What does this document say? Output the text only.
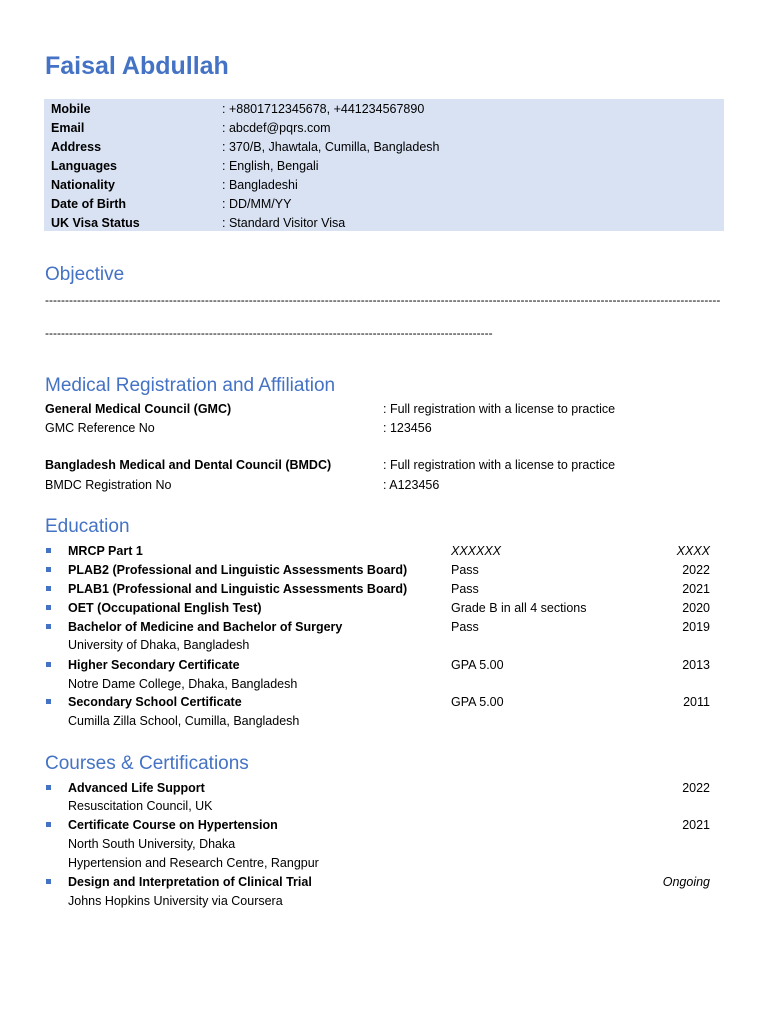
Faisal Abdullah
Mobile	: +8801712345678, +441234567890
Email	: abcdef@pqrs.com
Address	: 370/B, Jhawtala, Cumilla, Bangladesh
Languages	: English, Bengali
Nationality	: Bangladeshi
Date of Birth	: DD/MM/YY
UK Visa Status	: Standard Visitor Visa
Objective
-------------------------------------------------------------------------------------------------------------------------------------------------------------------------
----------------------------------------------------------------------------------------------------------------
Medical Registration and Affiliation
General Medical Council (GMC)	: Full registration with a license to practice
GMC Reference No	: 123456
Bangladesh Medical and Dental Council (BMDC)	: Full registration with a license to practice
BMDC Registration No	: A123456
Education
MRCP Part 1	XXXXXX	XXXX
PLAB2 (Professional and Linguistic Assessments Board)	Pass	2022
PLAB1 (Professional and Linguistic Assessments Board)	Pass	2021
OET (Occupational English Test)	Grade B in all 4 sections	2020
Bachelor of Medicine and Bachelor of Surgery	Pass	2019
University of Dhaka, Bangladesh
Higher Secondary Certificate	GPA 5.00	2013
Notre Dame College, Dhaka, Bangladesh
Secondary School Certificate	GPA 5.00	2011
Cumilla Zilla School, Cumilla, Bangladesh
Courses & Certifications
Advanced Life Support	2022
Resuscitation Council, UK
Certificate Course on Hypertension	2021
North South University, Dhaka
Hypertension and Research Centre, Rangpur
Design and Interpretation of Clinical Trial	Ongoing
Johns Hopkins University via Coursera
